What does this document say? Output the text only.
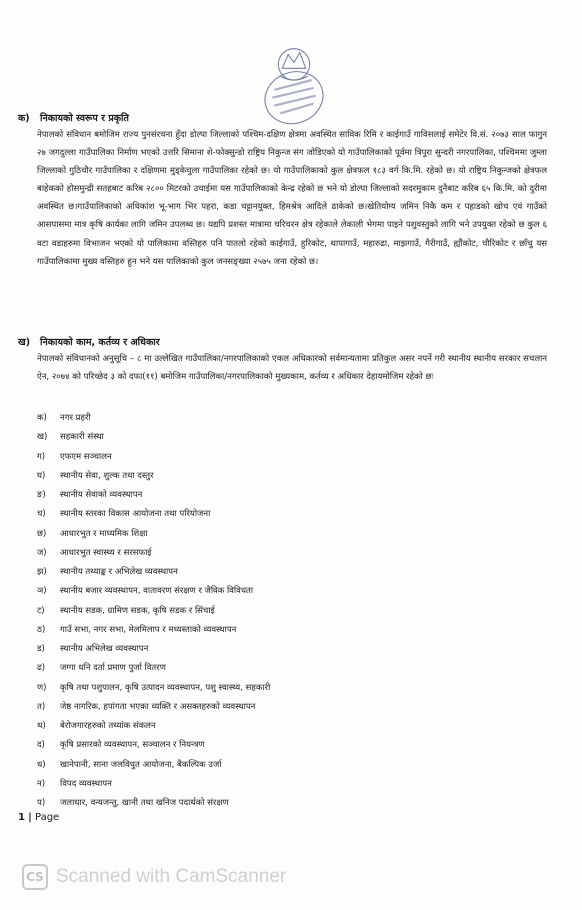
क) निकायको स्वरूप र प्रकृति

नेपालको संविधान बमोजिम राज्य पुनसंरचना हुँदा डोल्पा जिल्लाको पश्चिम-दक्षिण क्षेत्रमा अवस्थित साविक रिमि र काईगाउँ गाविसलाई समेटेर वि.सं. २०७३ साल फागुन २७ जगदुल्ला गाउँपालिका निर्माण भएको उत्तरि सिमाना शे-फोक्सुन्डो राष्ट्रिय निकुन्ज संग जोडिएको यो गाउँपालिकाको पूर्वमा त्रिपुरा सुन्दरी नगरपालिका, पश्चिममा जुम्ला जिल्लाको गुठिचौर गाउँपालिका र दक्षिणमा मुड्केचुला गाउँपालिका रहेको छ। यो गाउँपालिकाको कुल क्षेत्रफल १८३ वर्ग कि.मि. रहेको छ। यो राष्ट्रिय निकुन्जको क्षेत्रफल बाहेकको होसमुन्द्री सतहबाट करिब २८०० मिटरको उचाईमा यस गाउँपालिकाको केन्द्र रहेको छ भने यो डोल्पा जिल्लाको सदरमुकाम दुनैबाट करिब ६५ कि.मि. को दुरीमा अवस्थित छ।गाउँपालिकाको अधिकांश भू-भाग भिर पहरा, कडा चट्टानयुक्त, हिमश्रेत्र आदिले ढाकेको छ।खेतियोग्य जमिन निकै कम र पहाडको खोच एवं गाउँको आसपासमा मात्र कृषि कार्यका लागि जमिन उपलब्ध छ। यद्यपि प्रशस्त मात्रामा चरिचरन क्षेत्र रहेकाले लेकाली भेगमा पाइने पशुवस्तुको लागि भने उपयुक्त रहेको छ कुल ६ वटा वडाहरुमा विभाजन भएको यो पालिकामा वस्तिहरु पनि पातलो रहेको काईगाउँ, हुरिकोट, थापागाउँ, महारुढा, माझगाउँ, गैरीगाउँ, ह्यौंकोट, चौरिकोट र छाँचु यस गाउँपालिकामा मुख्य वस्तिहरु हुन भने यस पालिकाको कुल जनसङ्ख्या २५७५ जना रहेको छ।

ख) निकायको काम, कर्तव्य र अधिकार

नेपालको संविधानको अनुसूचि – ८ मा उल्लेखित गाउँपालिका/नगरपालिकाको एकल अधिकारको सर्वमान्यतामा प्रतिकुल असर नपर्ने गरी स्थानीय स्थानीय सरकार सचलान ऐन, २०७४ को परिच्छेद ३ को दफा(११) बमोजिम गाउँपालिका/नगरपालिकाको मुख्यकाम, कर्तव्य र अधिकार देहायमोजिम रहेको छः

क) नगर प्रहरी
ख) सहकारी संस्था
ग) एफएम सञ्चालन
घ) स्थानीय सेवा, शुल्क तथा दस्तुर
ङ) स्थानीय सेवाको व्यवस्थापन
च) स्थानीय स्तरका विकास आयोजना तथा परियोजना
छ) आधारभुत र माध्यमिक शिक्षा
ज) आधारभुत स्वास्थ्य र सरसफाई
झ) स्थानीय तथ्याङ्क र अभिलेख व्यवस्थापन
ञ) स्थानीय बजार व्यवस्थापन, वातावरण संरक्षण र जैविक विविधता
ट) स्थानीय सडक, ग्रामिण सडक, कृषि सडक र सिंचाई
ठ) गाउँ सभा, नगर सभा, मेलमिलाप र मध्यस्ताको व्यवस्थापन
ड) स्थानीय अभिलेख व्यवस्थापन
ढ) जग्गा धनि दर्ता प्रमाण पुर्जा वितरण
ण) कृषि तथा पशुपालन, कृषि उत्पादन व्यवस्थापन, पशु स्वास्थ्य, सहकारी
त) जेष्ठ नागरिक, हपांगता भएका व्यक्ति र असक्तहरुको व्यवस्थापन
थ) बेरोजगारहरुको तथ्यांक संकलन
द) कृषि प्रसारको व्यवस्थापन, सञ्चालन र नियन्त्रण
ध) खानेपानी, साना जलविधुत आयोजना, बैकल्पिक उर्जा
न) विपद व्यवस्थापन
प) जलाधार, वन्यजन्तु, खानी तथा खनिज पदार्थको संरक्षण
1 | Page
CS Scanned with CamScanner
